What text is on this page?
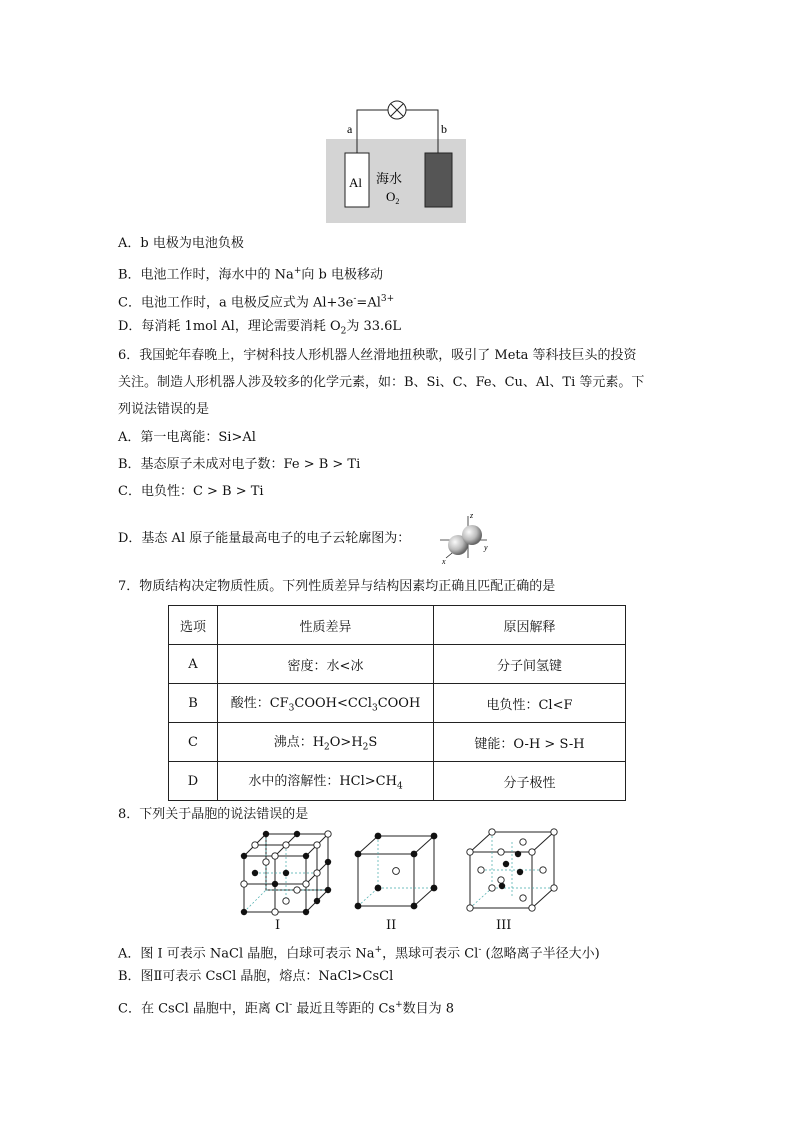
a	b
Al 海水
$O_2$
A．b 电极为电池负极
B．电池工作时，海水中的 Na+向 b 电极移动
C．电池工作时，a 电极反应式为 $Al+3e^-=Al^{3+}$
D．每消耗 1mol Al，理论需要消耗 $O_2$为 33.6L
6．我国蛇年春晚上，宇树科技人形机器人丝滑地扭秧歌，吸引了 Meta 等科技巨头的投资
关注。制造人形机器人涉及较多的化学元素，如：B、Si、C、Fe、Cu、Al、Ti 等元素。下
列说法错误的是
A．第一电离能：Si>Al
B．基态原子未成对电子数：Fe > B > Ti
C．电负性：C > B > Ti
D．基态 Al 原子能量最高电子的电子云轮廓图为：
z
y
x
7．物质结构决定物质性质。下列性质差异与结构因素均正确且匹配正确的是
选项	性质差异	原因解释
A	密度：水<冰	分子间氢键
B	酸性：$CF_3COOH<CCl_3COOH$	电负性：Cl<F
C	沸点：$H_2O>H_2S$	键能：O-H > S-H
D	水中的溶解性：$HCl>CH_4$	分子极性
8．下列关于晶胞的说法错误的是
I	II	III
A．图 I 可表示 NaCl 晶胞，白球可表示 Na+，黑球可表示 Cl- (忽略离子半径大小)
B．图Ⅱ可表示 CsCl 晶胞，熔点：NaCl>CsCl
C．在 CsCl 晶胞中，距离 Cl- 最近且等距的 Cs+数目为 8
